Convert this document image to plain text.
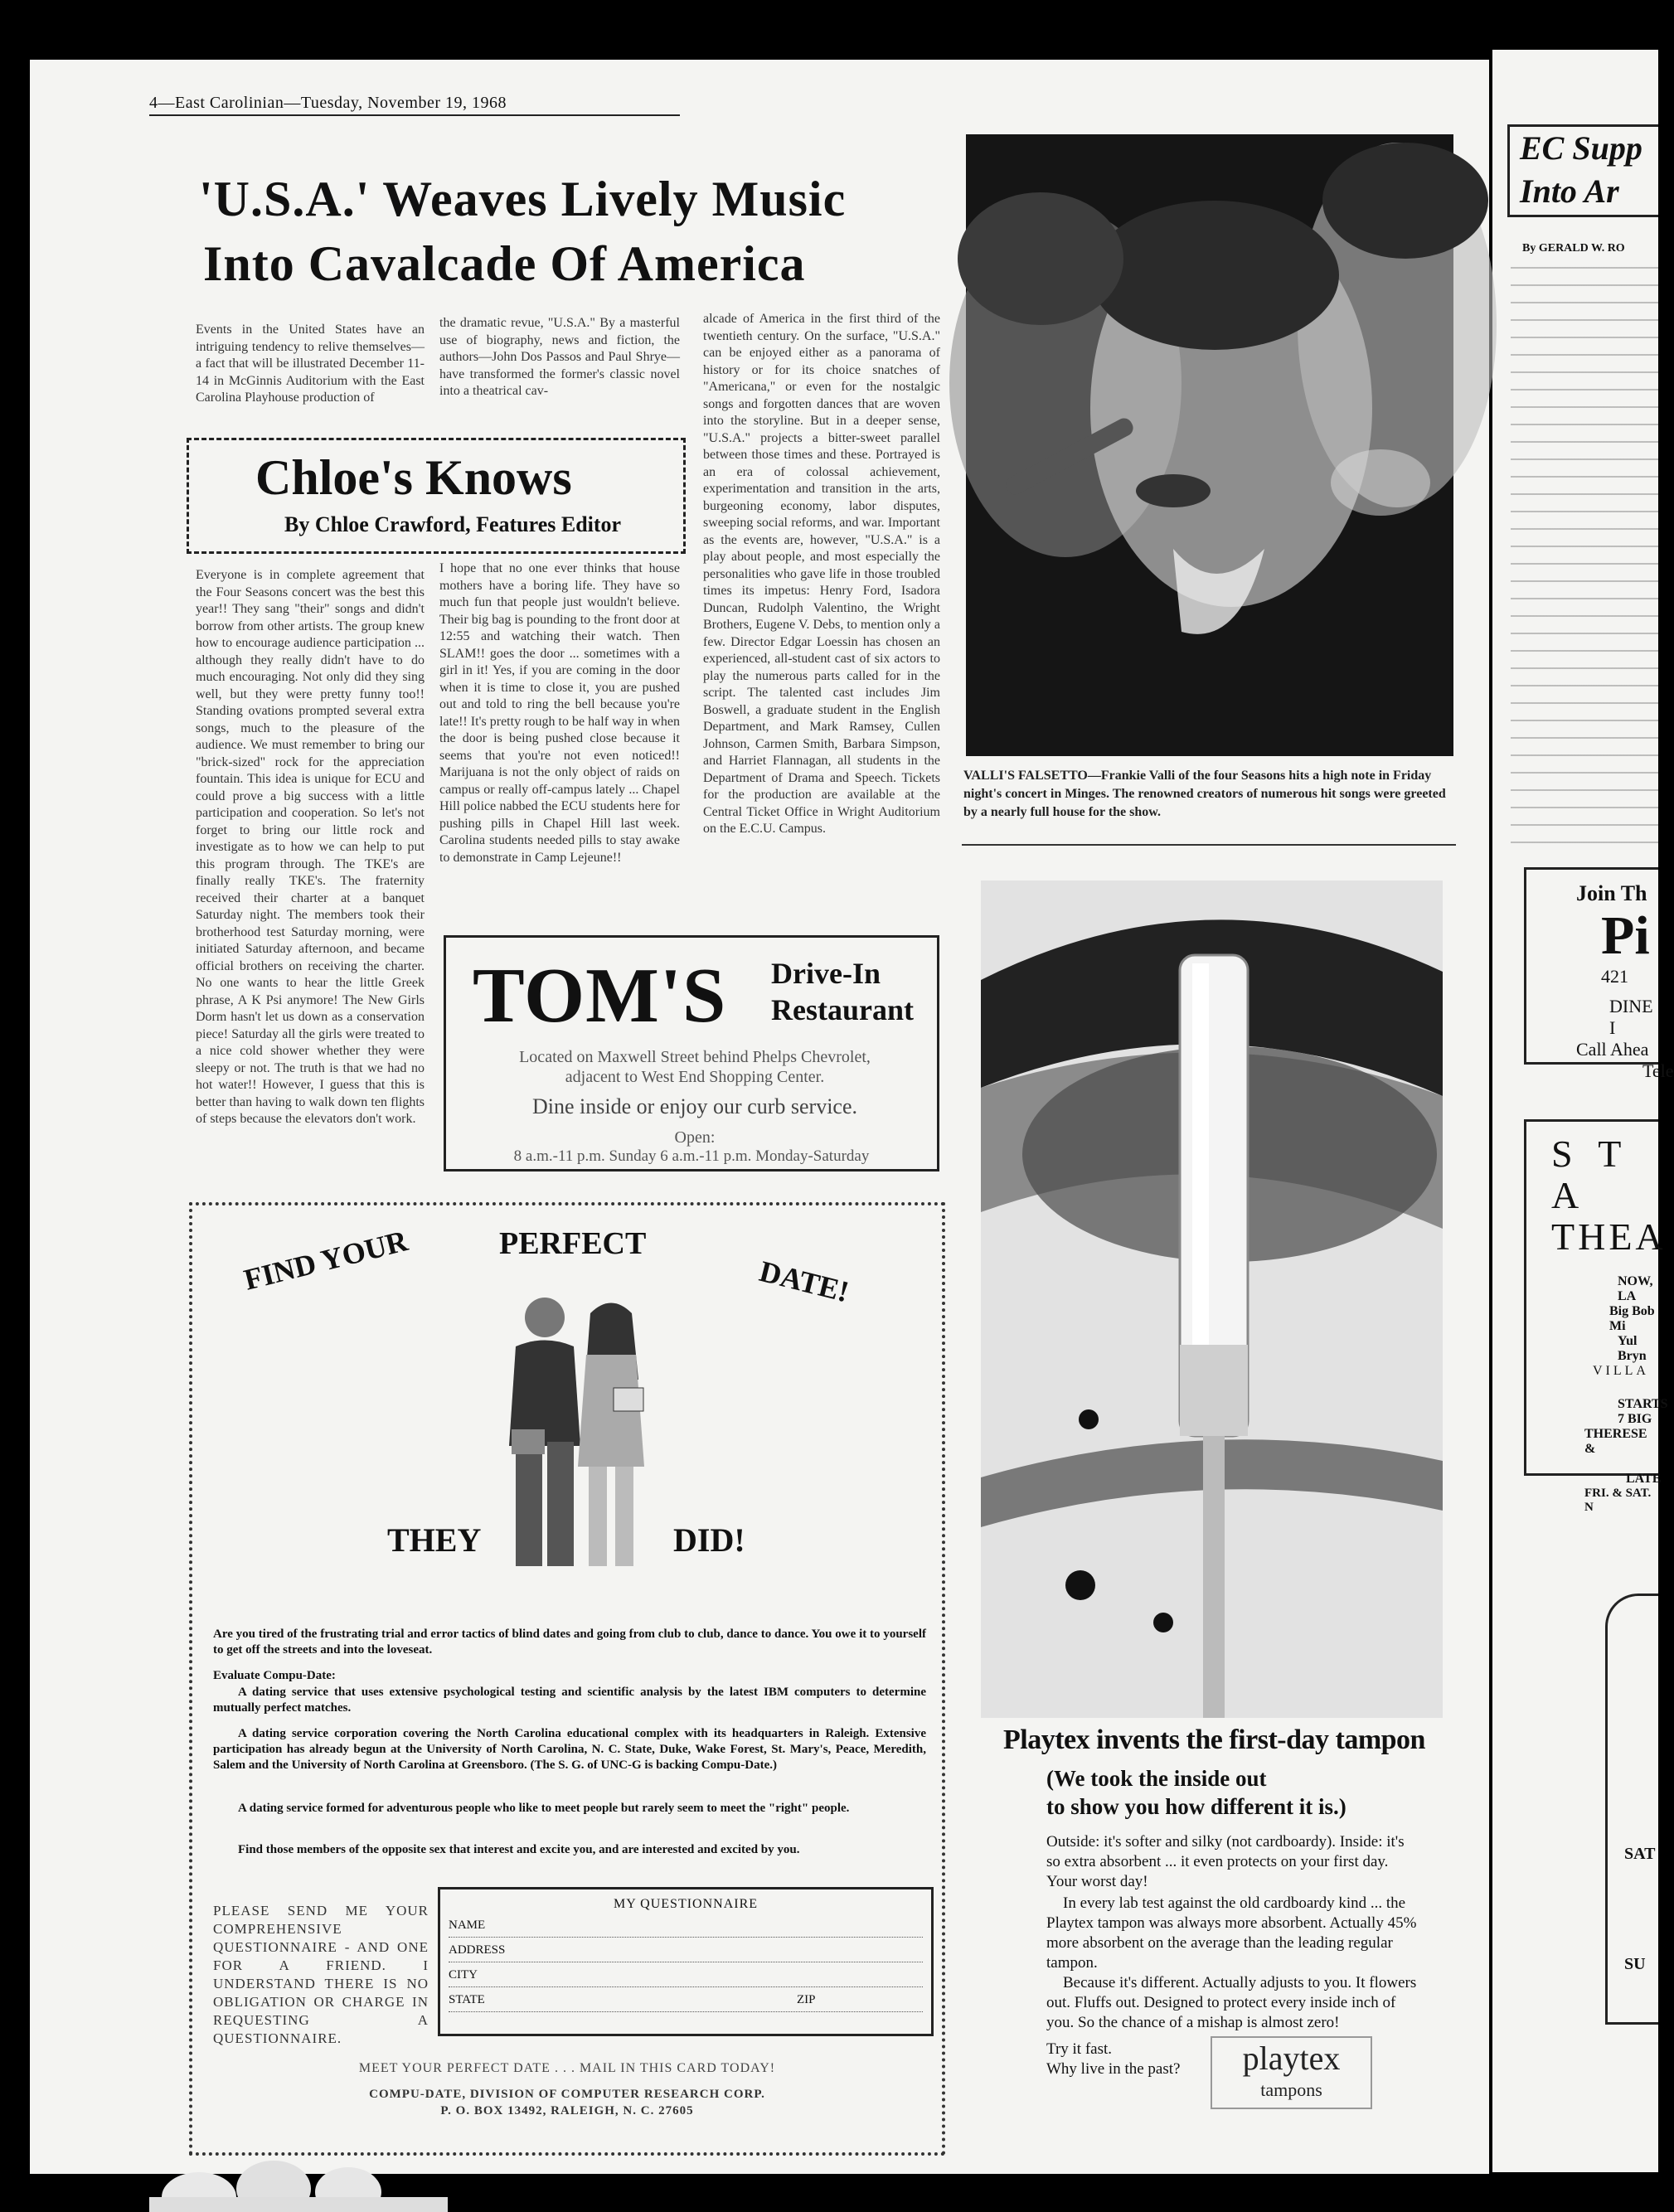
4—East Carolinian—Tuesday, November 19, 1968
'U.S.A.' Weaves Lively Music
Into Cavalcade Of America
Events in the United States have an intriguing tendency to relive themselves—a fact that will be illustrated December 11-14 in McGinnis Auditorium with the East Carolina Playhouse production of
the dramatic revue, "U.S.A." By a masterful use of biography, news and fiction, the authors—John Dos Passos and Paul Shrye—have transformed the former's classic novel into a theatrical cav-
alcade of America in the first third of the twentieth century. On the surface, "U.S.A." can be enjoyed either as a panorama of history or for its choice snatches of "Americana," or even for the nostalgic songs and forgotten dances that are woven into the storyline. But in a deeper sense, "U.S.A." projects a bitter-sweet parallel between those times and these. Portrayed is an era of colossal achievement, experimentation and transition in the arts, burgeoning economy, labor disputes, sweeping social reforms, and war. Important as the events are, however, "U.S.A." is a play about people, and most especially the personalities who gave life in those troubled times its impetus: Henry Ford, Isadora Duncan, Rudolph Valentino, the Wright Brothers, Eugene V. Debs, to mention only a few. Director Edgar Loessin has chosen an experienced, all-student cast of six actors to play the numerous parts called for in the script. The talented cast includes Jim Boswell, a graduate student in the English Department, and Mark Ramsey, Cullen Johnson, Carmen Smith, Barbara Simpson, and Harriet Flannagan, all students in the Department of Drama and Speech. Tickets for the production are available at the Central Ticket Office in Wright Auditorium on the E.C.U. Campus.
Chloe's Knows
By Chloe Crawford, Features Editor
Everyone is in complete agreement that the Four Seasons concert was the best this year!! They sang "their" songs and didn't borrow from other artists. The group knew how to encourage audience participation ... although they really didn't have to do much encouraging. Not only did they sing well, but they were pretty funny too!! Standing ovations prompted several extra songs, much to the pleasure of the audience. We must remember to bring our "brick-sized" rock for the appreciation fountain. This idea is unique for ECU and could prove a big success with a little participation and cooperation. So let's not forget to bring our little rock and investigate as to how we can help to put this program through. The TKE's are finally really TKE's. The fraternity received their charter at a banquet Saturday night. The members took their brotherhood test Saturday morning, were initiated Saturday afternoon, and became official brothers on receiving the charter. No one wants to hear the little Greek phrase, A K Psi anymore! The New Girls Dorm hasn't let us down as a conservation piece! Saturday all the girls were treated to a nice cold shower whether they were sleepy or not. The truth is that we had no hot water!! However, I guess that this is better than having to walk down ten flights of steps because the elevators don't work.
I hope that no one ever thinks that house mothers have a boring life. They have so much fun that people just wouldn't believe. Their big bag is pounding to the front door at 12:55 and watching their watch. Then SLAM!! goes the door ... sometimes with a girl in it! Yes, if you are coming in the door when it is time to close it, you are pushed out and told to ring the bell because you're late!! It's pretty rough to be half way in when the door is being pushed close because it seems that you're not even noticed!! Marijuana is not the only object of raids on campus or really off-campus lately ... Chapel Hill police nabbed the ECU students here for pushing pills in Chapel Hill last week. Carolina students needed pills to stay awake to demonstrate in Camp Lejeune!!
VALLI'S FALSETTO—Frankie Valli of the four Seasons hits a high note in Friday night's concert in Minges. The renowned creators of numerous hit songs were greeted by a nearly full house for the show.
TOM'S Drive-In
Restaurant
Located on Maxwell Street behind Phelps Chevrolet, adjacent to West End Shopping Center.
Dine inside or enjoy our curb service.
Open:
8 a.m.-11 p.m. Sunday 6 a.m.-11 p.m. Monday-Saturday
FIND YOUR	PERFECT
DATE!
THEY	DID!
Are you tired of the frustrating trial and error tactics of blind dates and going from club to club, dance to dance. You owe it to yourself to get off the streets and into the loveseat.
Evaluate Compu-Date:
A dating service that uses extensive psychological testing and scientific analysis by the latest IBM computers to determine mutually perfect matches.
A dating service corporation covering the North Carolina educational complex with its headquarters in Raleigh. Extensive participation has already begun at the University of North Carolina, N. C. State, Duke, Wake Forest, St. Mary's, Peace, Meredith, Salem and the University of North Carolina at Greensboro. (The S. G. of UNC-G is backing Compu-Date.)
A dating service formed for adventurous people who like to meet people but rarely seem to meet the "right" people.
Find those members of the opposite sex that interest and excite you, and are interested and excited by you.
PLEASE SEND ME YOUR COMPREHENSIVE QUESTIONNAIRE - AND ONE FOR A FRIEND. I UNDERSTAND THERE IS NO OBLIGATION OR CHARGE IN REQUESTING A QUESTIONNAIRE.
MY QUESTIONNAIRE
NAME
ADDRESS
CITY
STATE	ZIP
MEET YOUR PERFECT DATE . . . MAIL IN THIS CARD TODAY!
COMPU-DATE, DIVISION OF COMPUTER RESEARCH CORP.
P. O. BOX 13492, RALEIGH, N. C. 27605
Playtex invents the first-day tampon
(We took the inside out
to show you how different it is.)
Outside: it's softer and silky (not cardboardy). Inside: it's so extra absorbent ... it even protects on your first day. Your worst day!
In every lab test against the old cardboardy kind ... the Playtex tampon was always more absorbent. Actually 45% more absorbent on the average than the leading regular tampon.
Because it's different. Actually adjusts to you. It flowers out. Fluffs out. Designed to protect every inside inch of you. So the chance of a mishap is almost zero!
Try it fast.
Why live in the past?	playtex
tampons
EC Supp
Into Ar
By GERALD W. RO
Join Th
Pi
421
DINE I
Call Ahea
Tele
S T A
THEA
NOW, LA
Big Bob Mi
Yul Bryn
VILLA
STARTS
7 BIG
THERESE &
LATE
FRI. & SAT. N
SAT
SU
